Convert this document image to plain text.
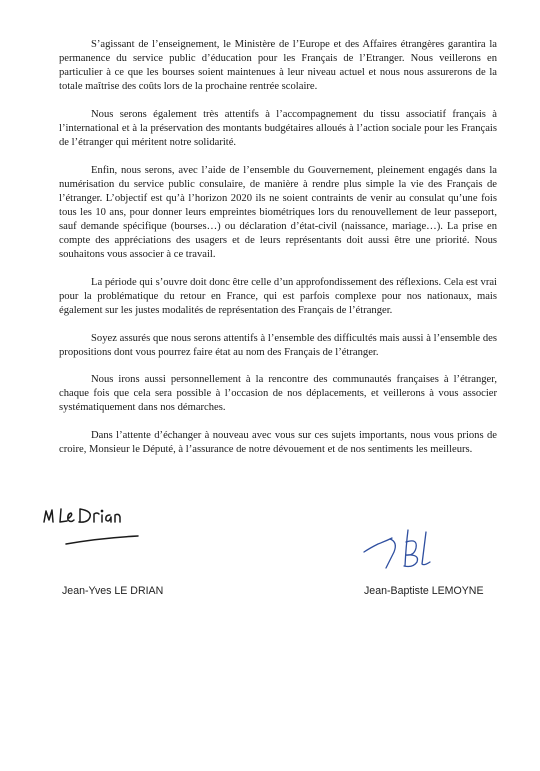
S’agissant de l’enseignement, le Ministère de l’Europe et des Affaires étrangères garantira la permanence du service public d’éducation pour les Français de l’Etranger. Nous veillerons en particulier à ce que les bourses soient maintenues à leur niveau actuel et nous nous assurerons de la totale maîtrise des coûts lors de la prochaine rentrée scolaire.

Nous serons également très attentifs à l’accompagnement du tissu associatif français à l’international et à la préservation des montants budgétaires alloués à l’action sociale pour les Français de l’étranger qui méritent notre solidarité.

Enfin, nous serons, avec l’aide de l’ensemble du Gouvernement, pleinement engagés dans la numérisation du service public consulaire, de manière à rendre plus simple la vie des Français de l’étranger. L’objectif est qu’à l’horizon 2020 ils ne soient contraints de venir au consulat qu’une fois tous les 10 ans, pour donner leurs empreintes biométriques lors du renouvellement de leur passeport, sauf demande spécifique (bourses…) ou déclaration d’état-civil (naissance, mariage…). La prise en compte des appréciations des usagers et de leurs représentants doit aussi être une priorité. Nous souhaitons vous associer à ce travail.

La période qui s’ouvre doit donc être celle d’un approfondissement des réflexions. Cela est vrai pour la problématique du retour en France, qui est parfois complexe pour nos nationaux, mais également sur les justes modalités de représentation des Français de l’étranger.

Soyez assurés que nous serons attentifs à l’ensemble des difficultés mais aussi à l’ensemble des propositions dont vous pourrez faire état au nom des Français de l’étranger.

Nous irons aussi personnellement à la rencontre des communautés françaises à l’étranger, chaque fois que cela sera possible à l’occasion de nos déplacements, et veillerons à vous associer systématiquement dans nos démarches.

Dans l’attente d’échanger à nouveau avec vous sur ces sujets importants, nous vous prions de croire, Monsieur le Député, à l’assurance de notre dévouement et de nos sentiments les meilleurs.

Jean-Yves LE DRIAN	Jean-Baptiste LEMOYNE
